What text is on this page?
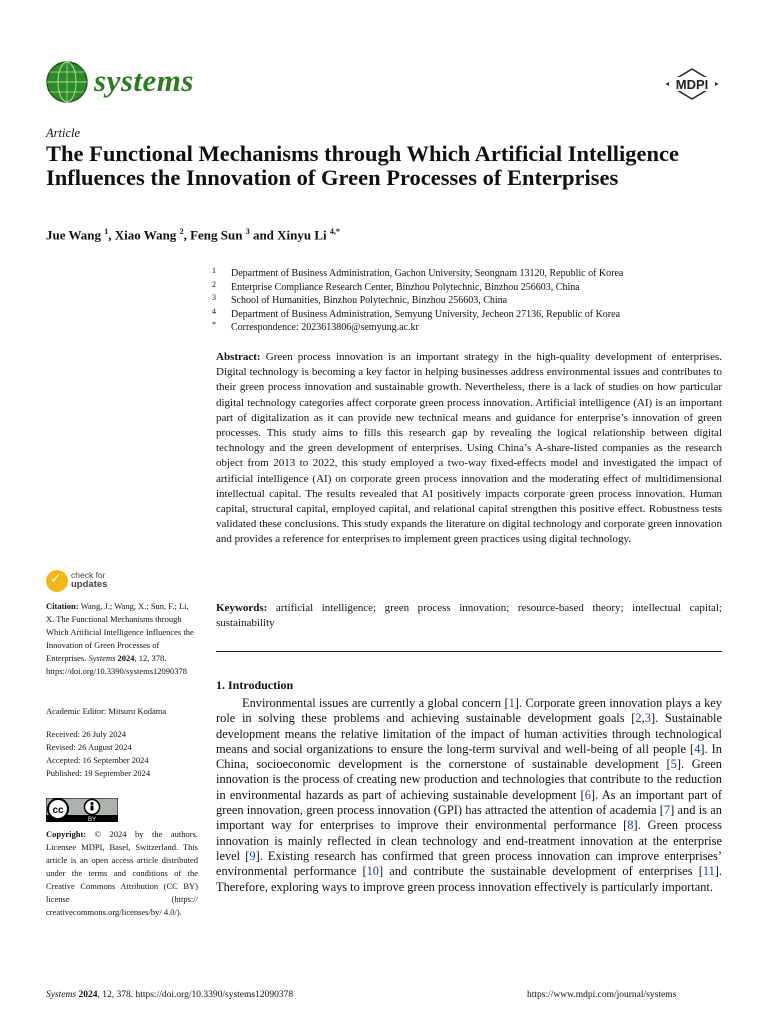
systems	MDPI
Article
The Functional Mechanisms through Which Artificial Intelligence Influences the Innovation of Green Processes of Enterprises
Jue Wang $^1$, Xiao Wang $^2$, Feng Sun $^3$ and Xinyu Li $^{4,*}$
1 Department of Business Administration, Gachon University, Seongnam 13120, Republic of Korea
2 Enterprise Compliance Research Center, Binzhou Polytechnic, Binzhou 256603, China
3 School of Humanities, Binzhou Polytechnic, Binzhou 256603, China
4 Department of Business Administration, Semyung University, Jecheon 27136, Republic of Korea
* Correspondence: 2023613806@semyung.ac.kr
Abstract: Green process innovation is an important strategy in the high-quality development of enterprises. Digital technology is becoming a key factor in helping businesses address environmental issues and contributes to their green process innovation and sustainable growth. Nevertheless, there is a lack of studies on how particular digital technology categories affect corporate green process innovation. Artificial intelligence (AI) is an important part of digitalization as it can provide new technical means and guidance for enterprise’s innovation of green processes. This study aims to fills this research gap by revealing the logical relationship between digital technology and the green development of enterprises. Using China’s A-share-listed companies as the research object from 2013 to 2022, this study employed a two-way fixed-effects model and investigated the impact of artificial intelligence (AI) on corporate green process innovation and the moderating effect of multidimensional intellectual capital. The results revealed that AI positively impacts corporate green process innovation. Human capital, structural capital, employed capital, and relational capital strengthen this positive effect. Robustness tests validated these conclusions. This study expands the literature on digital technology and corporate green innovation and provides a reference for enterprises to implement green practices using digital technology.
Keywords: artificial intelligence; green process innovation; resource-based theory; intellectual capital; sustainability
1. Introduction
Environmental issues are currently a global concern [1]. Corporate green innovation plays a key role in solving these problems and achieving sustainable development goals [2,3]. Sustainable development means the relative limitation of the impact of human activities through technological means and social organizations to ensure the long-term survival and well-being of all people [4]. In China, socioeconomic development is the cornerstone of sustainable development [5]. Green innovation is the process of creating new production and technologies that contribute to the reduction in environmental hazards as part of achieving sustainable development [6]. As an important part of green innovation, green process innovation (GPI) has attracted the attention of academia [7] and is an important way for enterprises to improve their environmental performance [8]. Green process innovation is mainly reflected in clean technology and end-treatment innovation at the enterprise level [9]. Existing research has confirmed that green process innovation can improve enterprises’ environmental performance [10] and contribute the sustainable development of enterprises [11]. Therefore, exploring ways to improve green process innovation effectively is particularly important.
✓ check for
updates
Citation: Wang, J.; Wang, X.; Sun, F.; Li, X. The Functional Mechanisms through Which Artificial Intelligence Influences the Innovation of Green Processes of Enterprises. Systems 2024, 12, 378. https://doi.org/10.3390/systems12090378
Academic Editor: Mitsuru Kodama
Received: 26 July 2024
Revised: 26 August 2024
Accepted: 16 September 2024
Published: 19 September 2024
cc
BY
Copyright: © 2024 by the authors. Licensee MDPI, Basel, Switzerland. This article is an open access article distributed under the terms and conditions of the Creative Commons Attribution (CC BY) license (https:// creativecommons.org/licenses/by/ 4.0/).
Systems 2024, 12, 378. https://doi.org/10.3390/systems12090378	https://www.mdpi.com/journal/systems
